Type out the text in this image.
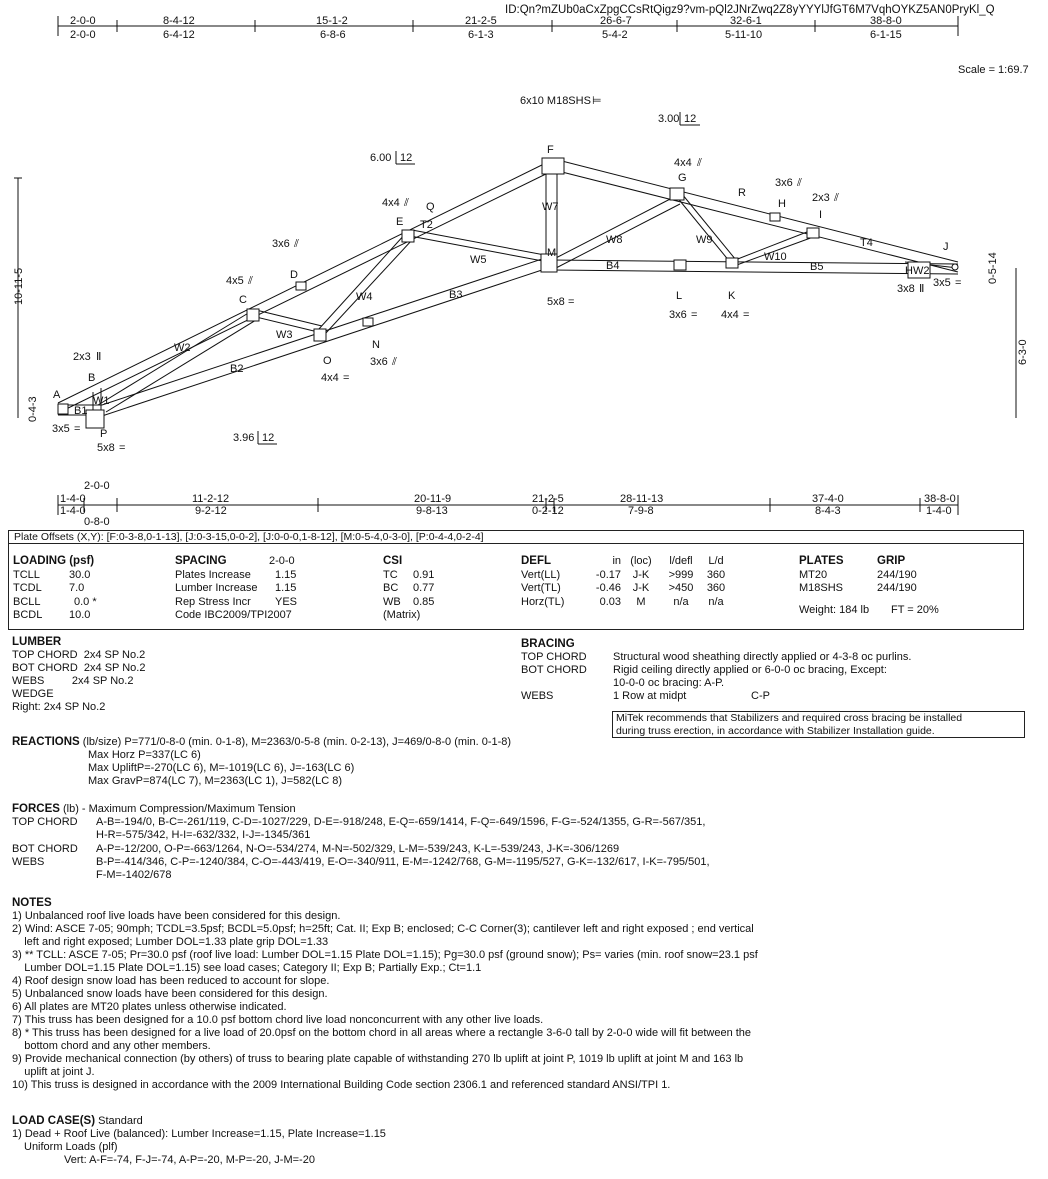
ID:Qn?mZUb0aCxZpgCCsRtQigz9?vm-pQl2JNrZwq2Z8yYYYlJfGT6M7VqhOYKZ5AN0PryKl_Q
2-0-0	8-4-12	15-1-2	21-2-5	26-6-7	32-6-1	38-8-0
2-0-0	6-4-12	6-8-6	6-1-3	5-4-2	5-11-10	6-1-15
Scale = 1:69.7
6x10 M18SHS ⊨
3.00 12
6.00 12
3.96 12
10-11-5
0-4-3
6-3-0
0-5-14
A
B
C
D
E
F
G
H
I
J
K
L
M
N
O
P
Q
R
W1
B1
W2
B2
W3
W4	B3
T2
W5
W7
W8	W9
B4
W10
T4
B5	HW2
4x4 ⫽
3x6 ⫽
2x3 ⫽
4x4 ⫽
3x6 ⫽
4x5 ⫽
2x3 Ⅱ
5x8 =
3x6 = 4x4 =
3x6 ⫽
4x4 =
3x5 =
5x8 =
3x8 Ⅱ 3x5 =
2-0-0
1-4-0	11-2-12	20-11-9	21-2-5	28-11-13	37-4-0	38-8-0
1-4-0	9-2-12	9-8-13	0-2-12	7-9-8	8-4-3	1-4-0
0-8-0
Plate Offsets (X,Y): [F:0-3-8,0-1-13], [J:0-3-15,0-0-2], [J:0-0-0,1-8-12], [M:0-5-4,0-3-0], [P:0-4-4,0-2-4]
LOADING (psf)
TCLL	30.0
TCDL 7.0
BCLL	0.0 *
BCDL 10.0
SPACING	2-0-0
Plates Increase 1.15
Lumber Increase 1.15
Rep Stress Incr YES
Code IBC2009/TPI2007
CSI
TC 0.91
BC 0.77
WB 0.85
(Matrix)
DEFL	in (loc) l/defl L/d
Vert(LL)	-0.17 J-K >999 360
Vert(TL)	-0.46 J-K >450 360
Horz(TL)	0.03 M	n/a n/a
PLATES	GRIP
MT20	244/190
M18SHS	244/190
Weight: 184 lb FT = 20%
LUMBER
TOP CHORD  2x4 SP No.2
BOT CHORD  2x4 SP No.2
WEBS         2x4 SP No.2
WEDGE
Right: 2x4 SP No.2
BRACING
TOP CHORD Structural wood sheathing directly applied or 4-3-8 oc purlins.
BOT CHORD Rigid ceiling directly applied or 6-0-0 oc bracing, Except:
10-0-0 oc bracing: A-P.
WEBS	1 Row at midpt	C-P
MiTek recommends that Stabilizers and required cross bracing be installed
during truss erection, in accordance with Stabilizer Installation guide.
REACTIONS (lb/size) P=771/0-8-0 (min. 0-1-8), M=2363/0-5-8 (min. 0-2-13), J=469/0-8-0 (min. 0-1-8)
Max Horz P=337(LC 6)
Max UpliftP=-270(LC 6), M=-1019(LC 6), J=-163(LC 6)
Max GravP=874(LC 7), M=2363(LC 1), J=582(LC 8)
FORCES (lb) - Maximum Compression/Maximum Tension
TOP CHORD A-B=-194/0, B-C=-261/119, C-D=-1027/229, D-E=-918/248, E-Q=-659/1414, F-Q=-649/1596, F-G=-524/1355, G-R=-567/351,
H-R=-575/342, H-I=-632/332, I-J=-1345/361
BOT CHORD A-P=-12/200, O-P=-663/1264, N-O=-534/274, M-N=-502/329, L-M=-539/243, K-L=-539/243, J-K=-306/1269
WEBS	B-P=-414/346, C-P=-1240/384, C-O=-443/419, E-O=-340/911, E-M=-1242/768, G-M=-1195/527, G-K=-132/617, I-K=-795/501,
F-M=-1402/678
NOTES
1) Unbalanced roof live loads have been considered for this design.
2) Wind: ASCE 7-05; 90mph; TCDL=3.5psf; BCDL=5.0psf; h=25ft; Cat. II; Exp B; enclosed; C-C Corner(3); cantilever left and right exposed ; end vertical
left and right exposed; Lumber DOL=1.33 plate grip DOL=1.33
3) ** TCLL: ASCE 7-05; Pr=30.0 psf (roof live load: Lumber DOL=1.15 Plate DOL=1.15); Pg=30.0 psf (ground snow); Ps= varies (min. roof snow=23.1 psf
Lumber DOL=1.15 Plate DOL=1.15) see load cases; Category II; Exp B; Partially Exp.; Ct=1.1
4) Roof design snow load has been reduced to account for slope.
5) Unbalanced snow loads have been considered for this design.
6) All plates are MT20 plates unless otherwise indicated.
7) This truss has been designed for a 10.0 psf bottom chord live load nonconcurrent with any other live loads.
8) * This truss has been designed for a live load of 20.0psf on the bottom chord in all areas where a rectangle 3-6-0 tall by 2-0-0 wide will fit between the
bottom chord and any other members.
9) Provide mechanical connection (by others) of truss to bearing plate capable of withstanding 270 lb uplift at joint P, 1019 lb uplift at joint M and 163 lb
uplift at joint J.
10) This truss is designed in accordance with the 2009 International Building Code section 2306.1 and referenced standard ANSI/TPI 1.
LOAD CASE(S) Standard
1) Dead + Roof Live (balanced): Lumber Increase=1.15, Plate Increase=1.15
Uniform Loads (plf)
Vert: A-F=-74, F-J=-74, A-P=-20, M-P=-20, J-M=-20
